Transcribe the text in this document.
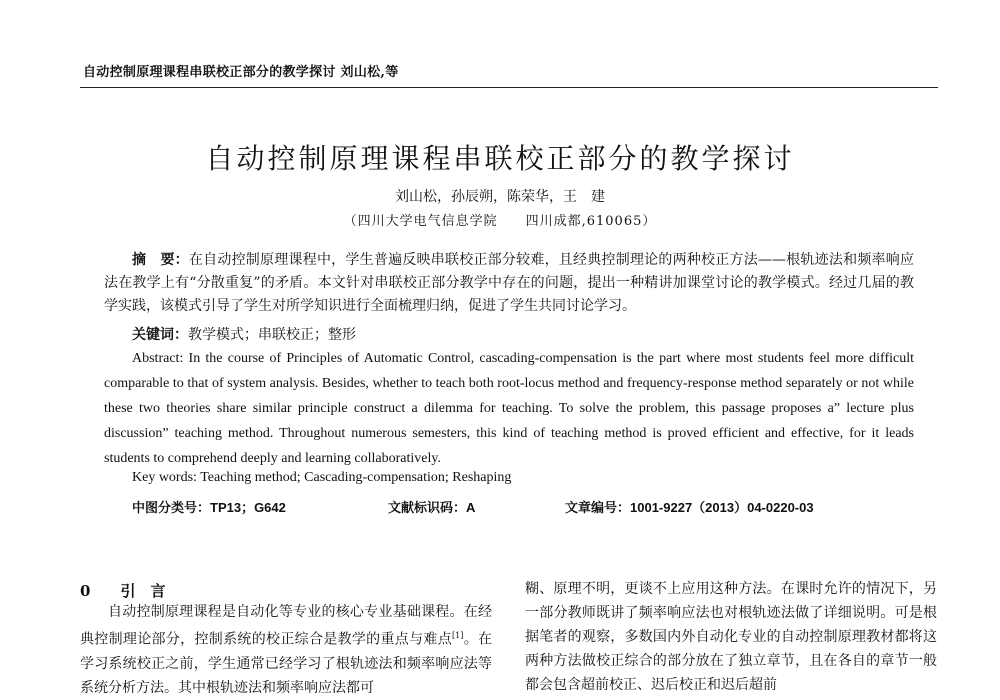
自动控制原理课程串联校正部分的教学探讨 刘山松,等
自动控制原理课程串联校正部分的教学探讨
刘山松，孙辰朔，陈荣华，王　建
（四川大学电气信息学院　　四川成都,610065）

摘　要：在自动控制原理课程中，学生普遍反映串联校正部分较难，且经典控制理论的两种校正方法——根轨迹法和频率响应法在教学上有“分散重复”的矛盾。本文针对串联校正部分教学中存在的问题，提出一种精讲加课堂讨论的教学模式。经过几届的教学实践，该模式引导了学生对所学知识进行全面梳理归纳，促进了学生共同讨论学习。

关键词：教学模式；串联校正；整形

Abstract: In the course of Principles of Automatic Control, cascading-compensation is the part where most students feel more difficult comparable to that of system analysis. Besides, whether to teach both root-locus method and frequency-response method separately or not while these two theories share similar principle construct a dilemma for teaching. To solve the problem, this passage proposes a” lecture plus discussion” teaching method. Throughout numerous semesters, this kind of teaching method is proved efficient and effective, for it leads students to comprehend deeply and learning collaboratively.

Key words: Teaching method; Cascading-compensation; Reshaping
中图分类号：TP13；G642	文献标识码：A	文章编号：1001-9227（2013）04-0220-03
0　　 引　言

自动控制原理课程是自动化等专业的核心专业基础课程。在经典控制理论部分，控制系统的校正综合是教学的重点与难点[1]。在学习系统校正之前，学生通常已经学习了根轨迹法和频率响应法等系统分析方法。其中根轨迹法和频率响应法都可

糊、原理不明，更谈不上应用这种方法。在课时允许的情况下，另一部分教师既讲了频率响应法也对根轨迹法做了详细说明。可是根据笔者的观察，多数国内外自动化专业的自动控制原理教材都将这两种方法做校正综合的部分放在了独立章节，且在各自的章节一般都会包含超前校正、迟后校正和迟后超前
